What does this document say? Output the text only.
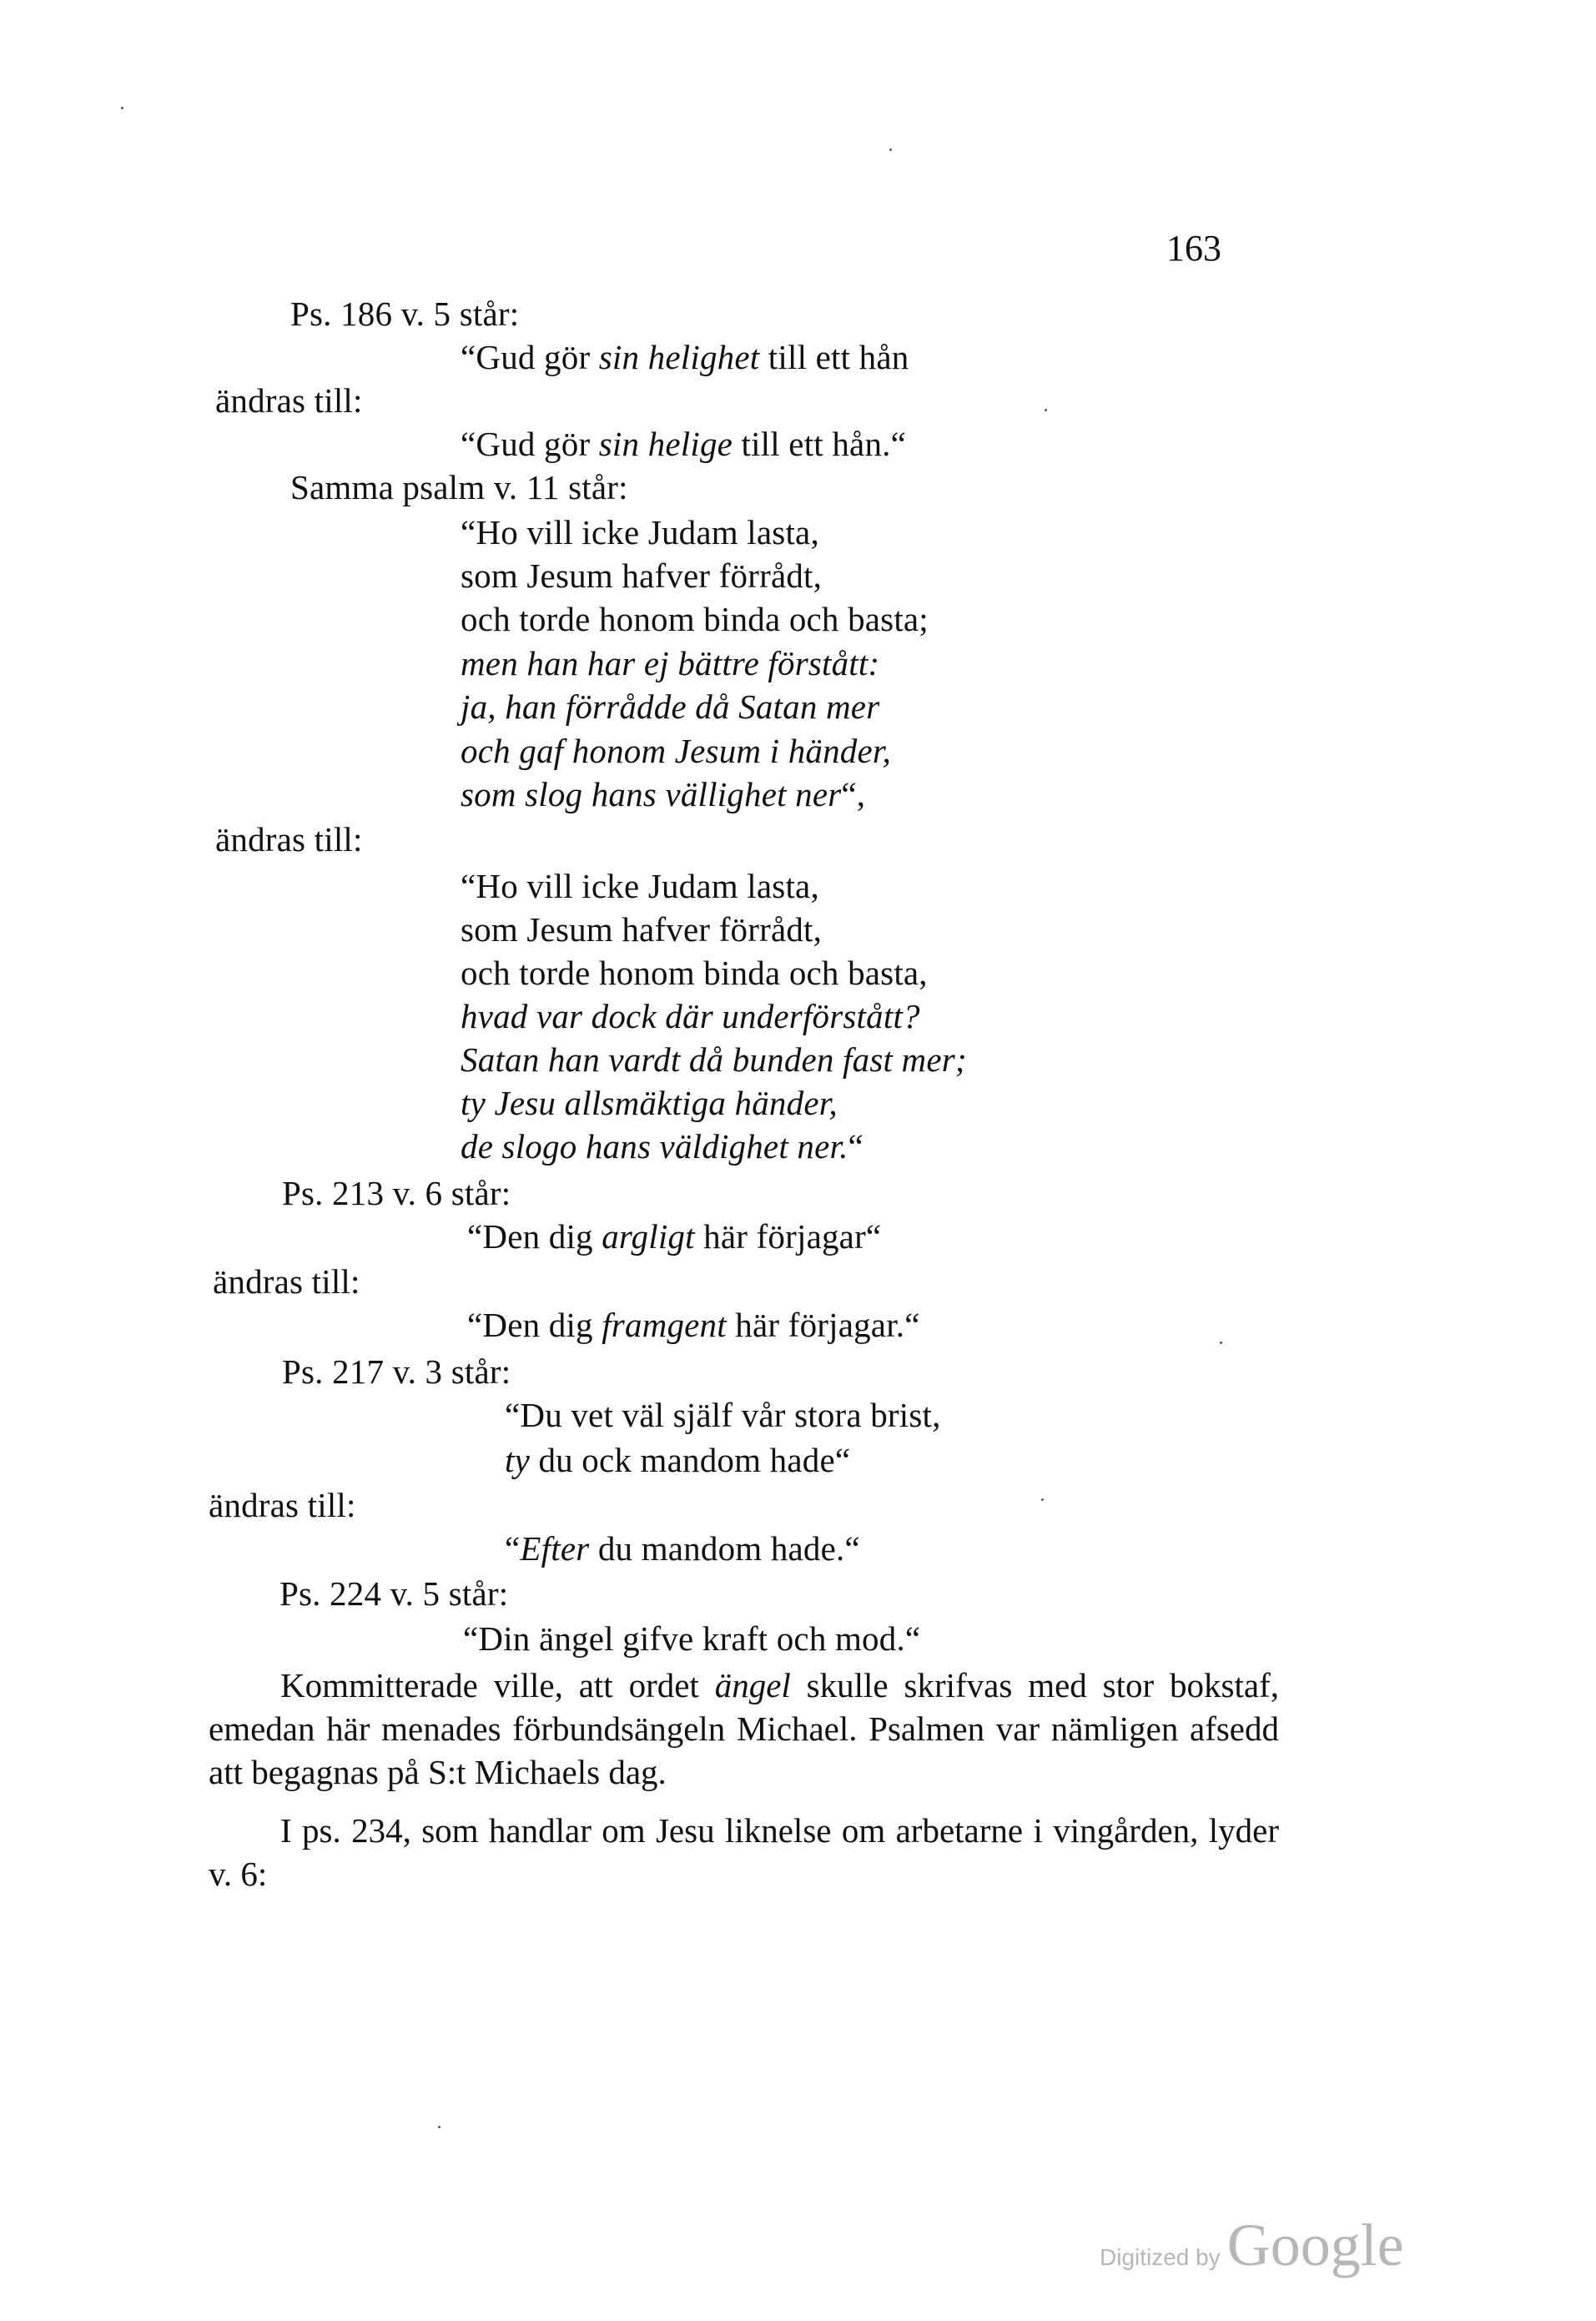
163
Ps. 186 v. 5 står:
“Gud gör sin helighet till ett hån
ändras till:
“Gud gör sin helige till ett hån.“
Samma psalm v. 11 står:
“Ho vill icke Judam lasta,
som Jesum hafver förrådt,
och torde honom binda och basta;
men han har ej bättre förstått:
ja, han förrådde då Satan mer
och gaf honom Jesum i händer,
som slog hans vällighet ner“,
ändras till:
“Ho vill icke Judam lasta,
som Jesum hafver förrådt,
och torde honom binda och basta,
hvad var dock där underförstått?
Satan han vardt då bunden fast mer;
ty Jesu allsmäktiga händer,
de slogo hans väldighet ner.“
Ps. 213 v. 6 står:
“Den dig argligt här förjagar“
ändras till:
“Den dig framgent här förjagar.“
Ps. 217 v. 3 står:
“Du vet väl själf vår stora brist,
ty du ock mandom hade“
ändras till:
“Efter du mandom hade.“
Ps. 224 v. 5 står:
“Din ängel gifve kraft och mod.“
Kommitterade ville, att ordet ängel skulle skrifvas med stor bokstaf, emedan här menades förbundsängeln Michael. Psalmen var nämligen afsedd att begagnas på S:t Michaels dag.
I ps. 234, som handlar om Jesu liknelse om arbetarne i vingården, lyder v. 6:
Digitized by Google
